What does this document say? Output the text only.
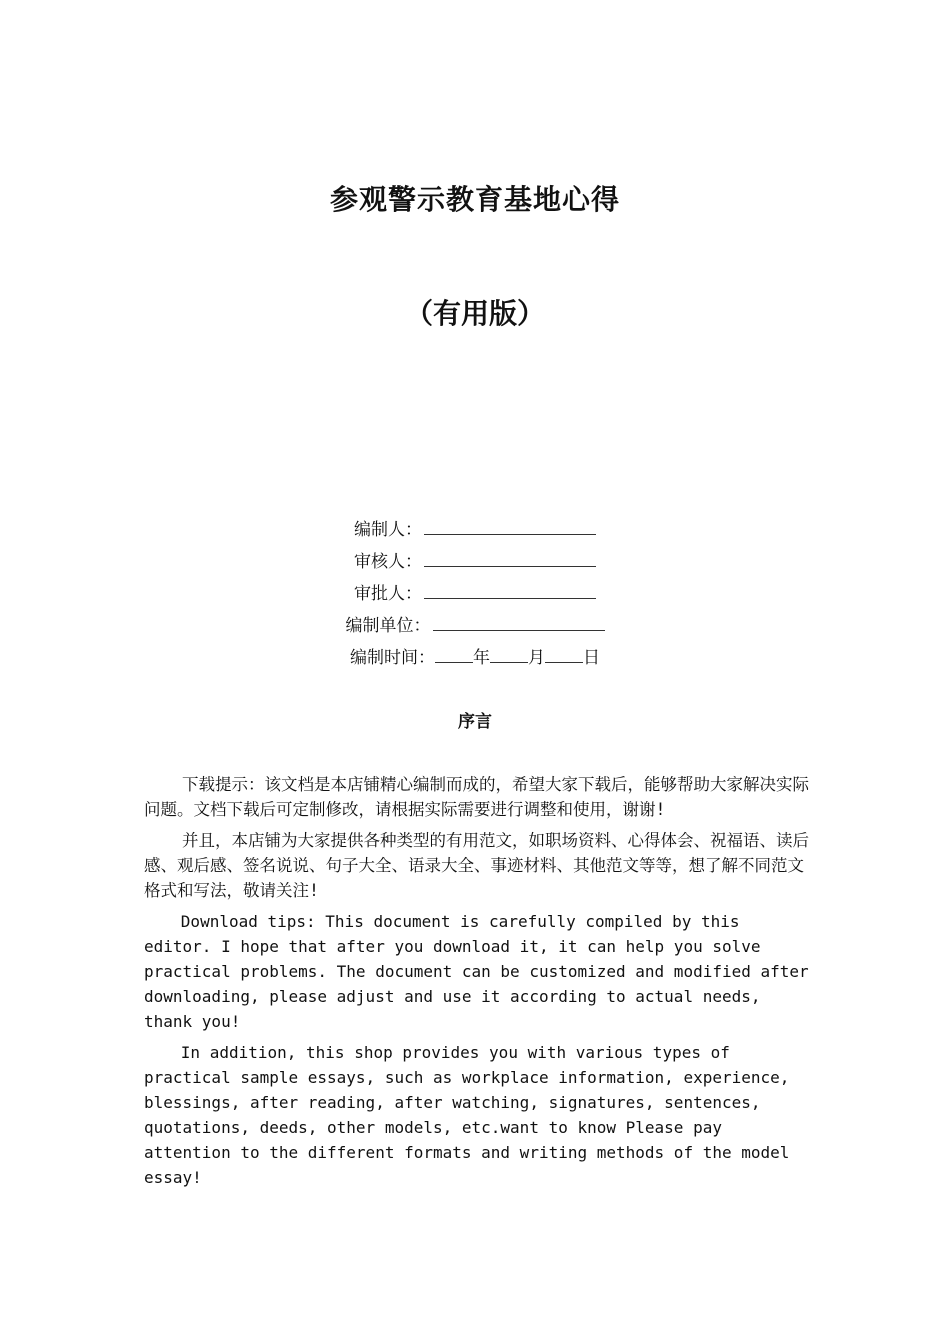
参观警示教育基地心得
（有用版）
编制人：
审核人：
审批人：
编制单位：
编制时间： 年 月 日
序言

下载提示：该文档是本店铺精心编制而成的，希望大家下载后，能够帮助大家解决实际问题。文档下载后可定制修改，请根据实际需要进行调整和使用，谢谢!

并且，本店铺为大家提供各种类型的有用范文，如职场资料、心得体会、祝福语、读后感、观后感、签名说说、句子大全、语录大全、事迹材料、其他范文等等，想了解不同范文格式和写法，敬请关注!

Download tips: This document is carefully compiled by this editor. I hope that after you download it, it can help you solve practical problems. The document can be customized and modified after downloading, please adjust and use it according to actual needs, thank you!

In addition, this shop provides you with various types of practical sample essays, such as workplace information, experience, blessings, after reading, after watching, signatures, sentences, quotations, deeds, other models, etc.want to know Please pay attention to the different formats and writing methods of the model essay!
